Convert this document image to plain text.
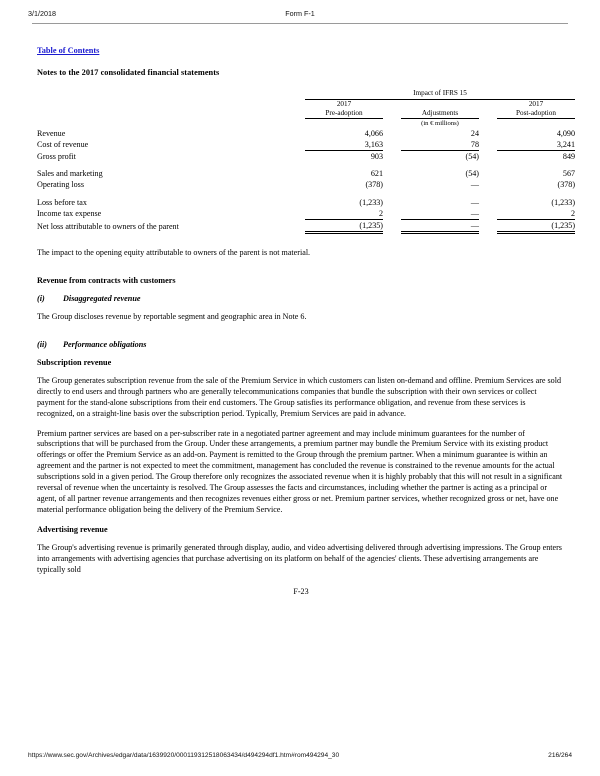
3/1/2018	Form F-1
Table of Contents
Notes to the 2017 consolidated financial statements
	Impact of IFRS 15				
	2017				2017
	Pre-adoption		Adjustments		Post-adoption
	(in € millions)				
Revenue	4,066		24		4,090
Cost of revenue	3,163		78		3,241
Gross profit	903		(54)		849

Sales and marketing	621		(54)		567
Operating loss	(378)		—		(378)

Loss before tax	(1,233)		—		(1,233)
Income tax expense	2		—		2
Net loss attributable to owners of the parent	(1,235)		—		(1,235)

The impact to the opening equity attributable to owners of the parent is not material.

Revenue from contracts with customers
(i) Disaggregated revenue

The Group discloses revenue by reportable segment and geographic area in Note 6.

(ii) Performance obligations
Subscription revenue

The Group generates subscription revenue from the sale of the Premium Service in which customers can listen on-demand and offline. Premium Services are sold directly to end users and through partners who are generally telecommunications companies that bundle the subscription with their own services or collect payment for the stand-alone subscriptions from their end customers. The Group satisfies its performance obligation, and revenue from these services is recognized, on a straight-line basis over the subscription period. Typically, Premium Services are paid in advance.

Premium partner services are based on a per-subscriber rate in a negotiated partner agreement and may include minimum guarantees for the number of subscriptions that will be purchased from the Group. Under these arrangements, a premium partner may bundle the Premium Service with its existing product offerings or offer the Premium Service as an add-on. Payment is remitted to the Group through the premium partner. When a minimum guarantee is within an agreement and the partner is not expected to meet the commitment, management has concluded the revenue is constrained to the revenue amounts for the actual subscriptions sold in a given period. The Group therefore only recognizes the associated revenue when it is highly probably that this will not result in a significant reversal of revenue when the uncertainty is resolved. The Group assesses the facts and circumstances, including whether the partner is acting as a principal or agent, of all partner revenue arrangements and then recognizes revenues either gross or net. Premium partner services, whether recognized gross or net, have one material performance obligation being the delivery of the Premium Service.

Advertising revenue

The Group's advertising revenue is primarily generated through display, audio, and video advertising delivered through advertising impressions. The Group enters into arrangements with advertising agencies that purchase advertising on its platform on behalf of the agencies' clients. These advertising arrangements are typically sold

F-23
https://www.sec.gov/Archives/edgar/data/1639920/000119312518063434/d494294df1.htm#rom494294_30	216/264
